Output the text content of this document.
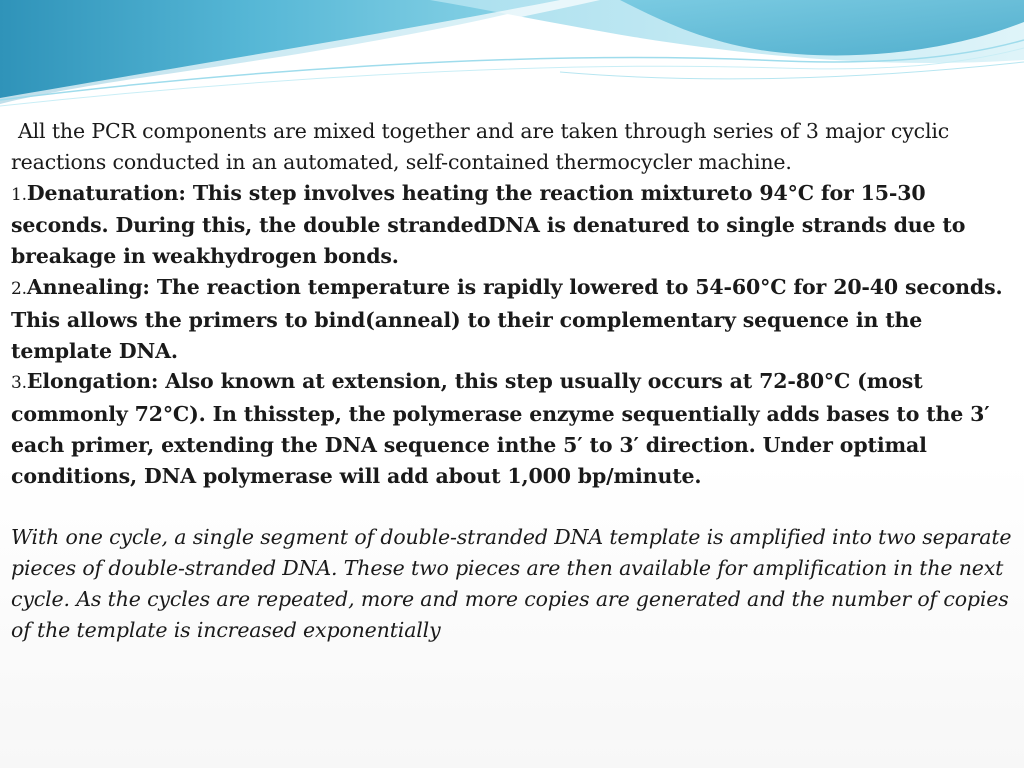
All the PCR components are mixed together and are taken through series of 3 major cyclic reactions conducted in an automated, self-contained thermocycler machine.

1.Denaturation: This step involves heating the reaction mixtureto 94°C for 15-30 seconds. During this, the double strandedDNA is denatured to single strands due to breakage in weakhydrogen bonds.

2.Annealing: The reaction temperature is rapidly lowered to 54-60°C for 20-40 seconds. This allows the primers to bind(anneal) to their complementary sequence in the template DNA.

3.Elongation: Also known at extension, this step usually occurs at 72-80°C (most commonly 72°C). In thisstep, the polymerase enzyme sequentially adds bases to the 3′ each primer, extending the DNA sequence inthe 5′ to 3′ direction. Under optimal conditions, DNA polymerase will add about 1,000 bp/minute.

With one cycle, a single segment of double-stranded DNA template is amplified into two separate pieces of double-stranded DNA. These two pieces are then available for amplification in the next cycle. As the cycles are repeated, more and more copies are generated and the number of copies of the template is increased exponentially
